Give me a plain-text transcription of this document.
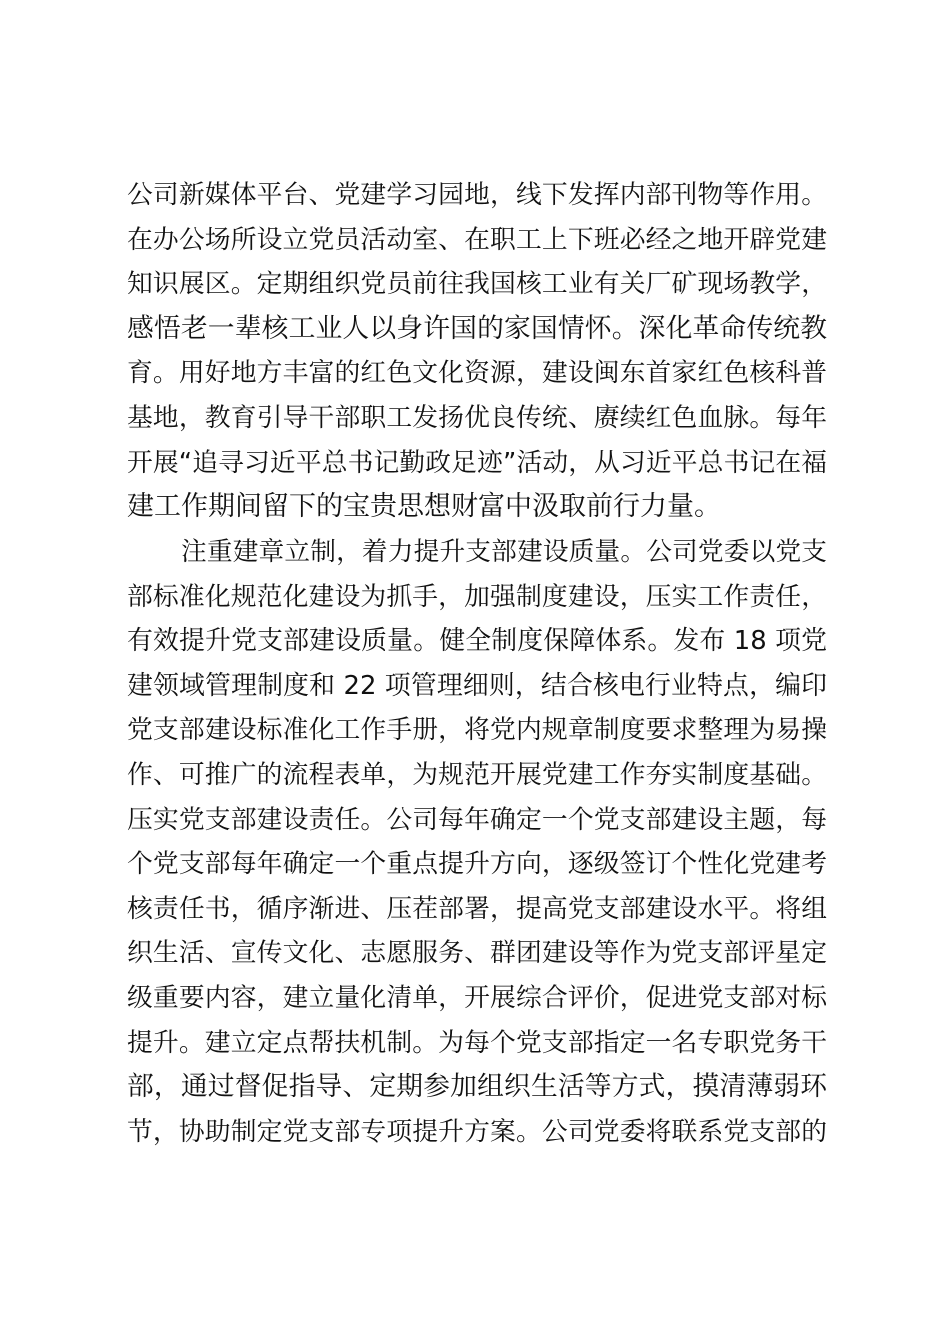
公司新媒体平台、党建学习园地，线下发挥内部刊物等作用。
在办公场所设立党员活动室、在职工上下班必经之地开辟党建
知识展区。定期组织党员前往我国核工业有关厂矿现场教学，
感悟老一辈核工业人以身许国的家国情怀。深化革命传统教
育。用好地方丰富的红色文化资源，建设闽东首家红色核科普
基地，教育引导干部职工发扬优良传统、赓续红色血脉。每年
开展“追寻习近平总书记勤政足迹”活动，从习近平总书记在福
建工作期间留下的宝贵思想财富中汲取前行力量。
注重建章立制，着力提升支部建设质量。公司党委以党支
部标准化规范化建设为抓手，加强制度建设，压实工作责任，
有效提升党支部建设质量。健全制度保障体系。发布 18 项党
建领域管理制度和 22 项管理细则，结合核电行业特点，编印
党支部建设标准化工作手册，将党内规章制度要求整理为易操
作、可推广的流程表单，为规范开展党建工作夯实制度基础。
压实党支部建设责任。公司每年确定一个党支部建设主题，每
个党支部每年确定一个重点提升方向，逐级签订个性化党建考
核责任书，循序渐进、压茬部署，提高党支部建设水平。将组
织生活、宣传文化、志愿服务、群团建设等作为党支部评星定
级重要内容，建立量化清单，开展综合评价，促进党支部对标
提升。建立定点帮扶机制。为每个党支部指定一名专职党务干
部，通过督促指导、定期参加组织生活等方式，摸清薄弱环
节，协助制定党支部专项提升方案。公司党委将联系党支部的
